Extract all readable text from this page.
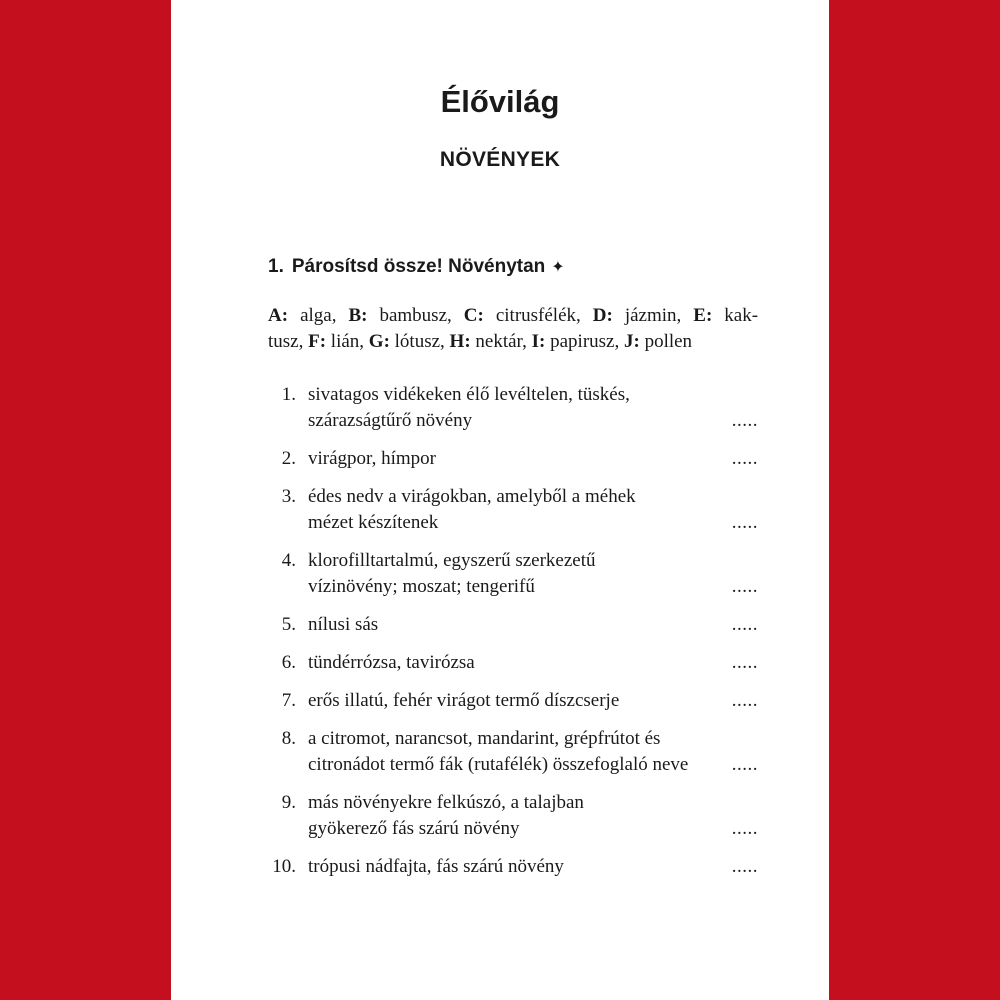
Élővilág
NÖVÉNYEK
1. Párosítsd össze! Növénytan ✦
A: alga, B: bambusz, C: citrusfélék, D: jázmin, E: kak-
tusz, F: lián, G: lótusz, H: nektár, I: papirusz, J: pollen
1. sivatagos vidékeken élő levéltelen, tüskés,
szárazságtűrő növény	.....
2. virágpor, hímpor	.....
3. édes nedv a virágokban, amelyből a méhek
mézet készítenek	.....
4. klorofilltartalmú, egyszerű szerkezetű
vízinövény; moszat; tengerifű	.....
5. nílusi sás	.....
6. tündérrózsa, tavirózsa	.....
7. erős illatú, fehér virágot termő díszcserje	.....
8. a citromot, narancsot, mandarint, grépfrútot és
citronádot termő fák (rutafélék) összefoglaló neve	.....
9. más növényekre felkúszó, a talajban
gyökerező fás szárú növény	.....
10. trópusi nádfajta, fás szárú növény	.....
